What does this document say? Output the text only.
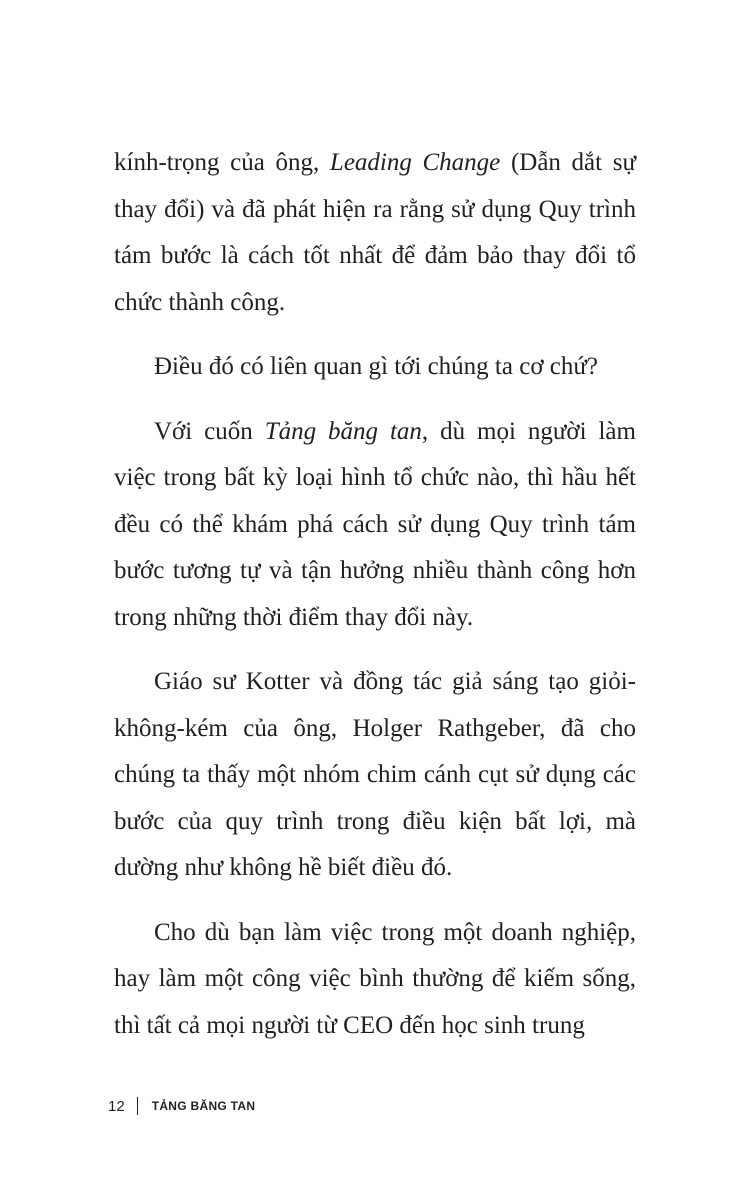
kính-trọng của ông, Leading Change (Dẫn dắt sự thay đổi) và đã phát hiện ra rằng sử dụng Quy trình tám bước là cách tốt nhất để đảm bảo thay đổi tổ chức thành công.

Điều đó có liên quan gì tới chúng ta cơ chứ?

Với cuốn Tảng băng tan, dù mọi người làm việc trong bất kỳ loại hình tổ chức nào, thì hầu hết đều có thể khám phá cách sử dụng Quy trình tám bước tương tự và tận hưởng nhiều thành công hơn trong những thời điểm thay đổi này.

Giáo sư Kotter và đồng tác giả sáng tạo giỏi-không-kém của ông, Holger Rathgeber, đã cho chúng ta thấy một nhóm chim cánh cụt sử dụng các bước của quy trình trong điều kiện bất lợi, mà dường như không hề biết điều đó.

Cho dù bạn làm việc trong một doanh nghiệp, hay làm một công việc bình thường để kiếm sống, thì tất cả mọi người từ CEO đến học sinh trung

12 TẢNG BĂNG TAN
